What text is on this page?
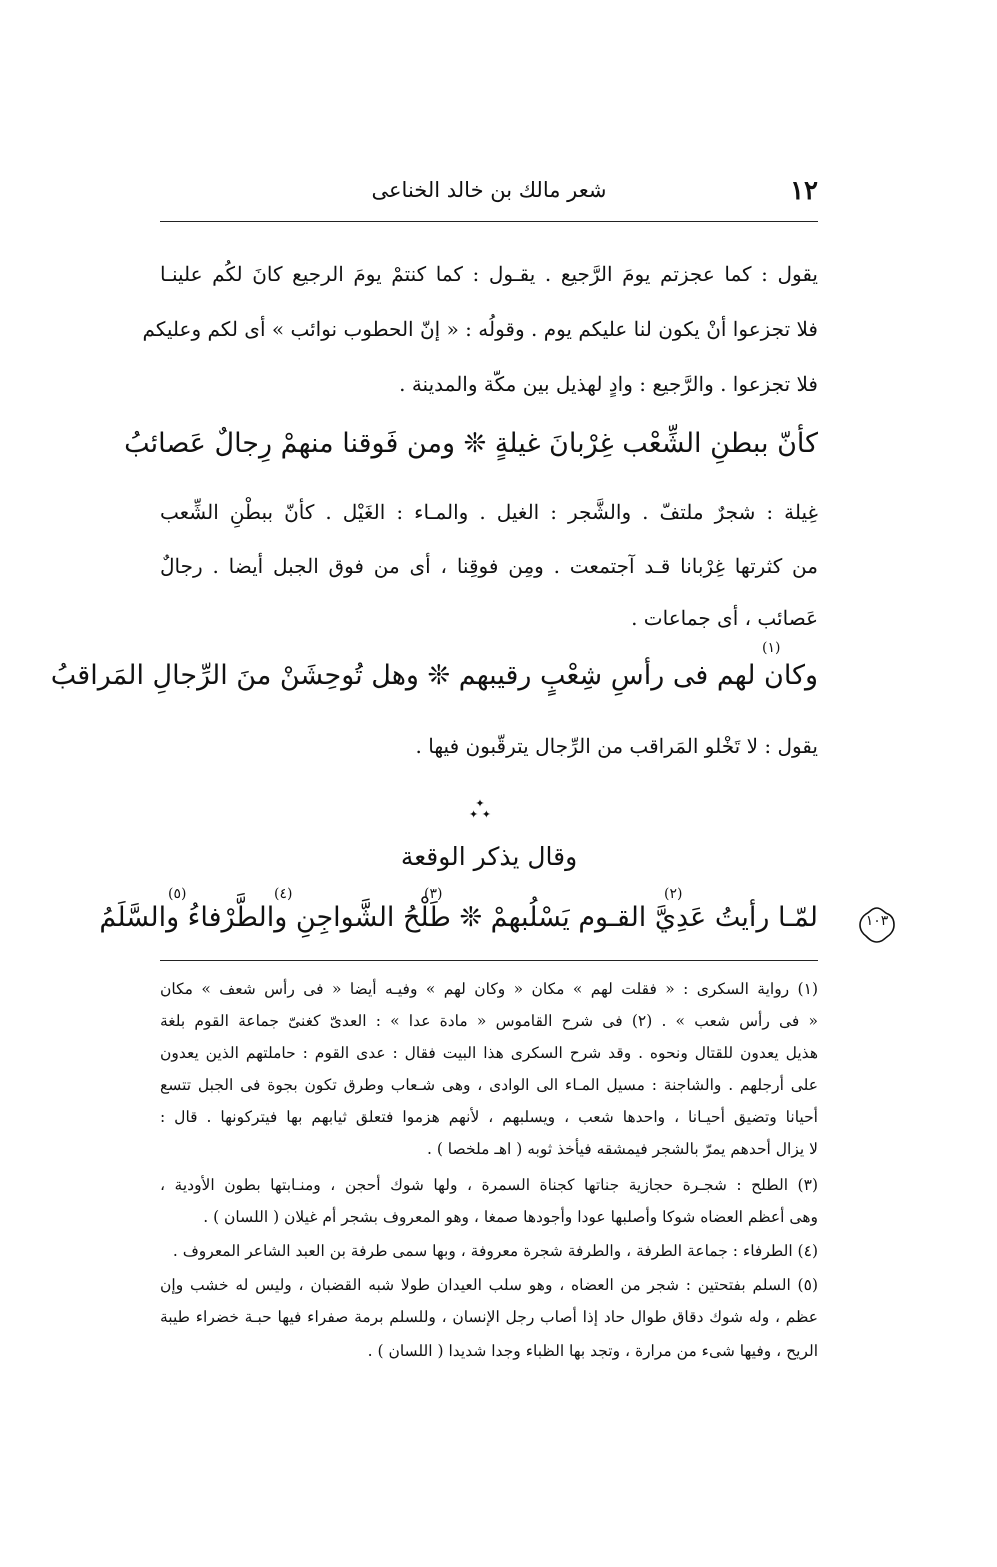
١٢
شعر مالك بن خالد الخناعى
يقول : كما عجزتم يومَ الرَّجيع . يقـول : كما كنتمْ يومَ الرجيع كانَ لكُم علينـا
فلا تجزعوا أنْ يكون لنا عليكم يوم . وقولُه : « إنّ الحطوب نوائب » أى لكم وعليكم
فلا تجزعوا . والرَّجيع : وادٍ لهذيل بين مكّة والمدينة .
كأنّ ببطنِ الشِّعْب غِرْبانَ غيلةٍ ❊ ومن فَوقنا منهمْ رِجالٌ عَصائبُ
غِيلة : شجرٌ ملتفّ . والشَّجر : الغيل . والمـاء : الغَيْل . كأنّ ببطْنِ الشِّعب
من كثرتها غِرْبانا قـد آجتمعت . ومِن فوقِنا ، أى من فوق الجبل أيضا . رجالٌ
عَصائب ، أى جماعات .
(١)
وكان لهم فى رأسِ شِعْبٍ رقيبهم ❊ وهل تُوحِشَنْ منَ الرِّجالِ المَراقبُ
يقول : لا تَخْلو المَراقب من الرِّجال يترقّبون فيها .
✦
✦ ✦
وقال يذكر الوقعة
(٢)
(٣)
(٤)
(٥)
لمّـا رأيتُ عَدِيَّ القـوم يَسْلُبهمْ ❊ طَلْحُ الشَّواجِنِ والطَّرْفاءُ والسَّلَمُ	١٠٣
(١) رواية السكرى : « فقلت لهم » مكان « وكان لهم » وفيـه أيضا « فى رأس شعف » مكان
« فى رأس شعب » . (٢) فى شرح القاموس « مادة عدا » : العدىّ كغنىّ جماعة القوم بلغة
هذيل يعدون للقتال ونحوه . وقد شرح السكرى هذا البيت فقال : عدى القوم : حاملتهم الذين يعدون
على أرجلهم . والشاجنة : مسيل المـاء الى الوادى ، وهى شـعاب وطرق تكون بجوة فى الجبل تتسع
أحيانا وتضيق أحيـانا ، واحدها شعب ، ويسلبهم ، لأنهم هزموا فتعلق ثيابهم بها فيتركونها . قال :
لا يزال أحدهم يمرّ بالشجر فيمشقه فيأخذ ثوبه ( اهـ ملخصا ) .
(٣) الطلح : شجـرة حجازية جناتها كجناة السمرة ، ولها شوك أحجن ، ومنـابتها بطون الأودية ،
وهى أعظم العضاه شوكا وأصلبها عودا وأجودها صمغا ، وهو المعروف بشجر أم غيلان ( اللسان ) .
(٤) الطرفاء : جماعة الطرفة ، والطرفة شجرة معروفة ، وبها سمى طرفة بن العبد الشاعر المعروف .
(٥) السلم بفتحتين : شجر من العضاه ، وهو سلب العيدان طولا شبه القضبان ، وليس له خشب وإن
عظم ، وله شوك دقاق طوال حاد إذا أصاب رجل الإنسان ، وللسلم برمة صفراء فيها حبـة خضراء طيبة
الريح ، وفيها شىء من مرارة ، وتجد بها الظباء وجدا شديدا ( اللسان ) .
